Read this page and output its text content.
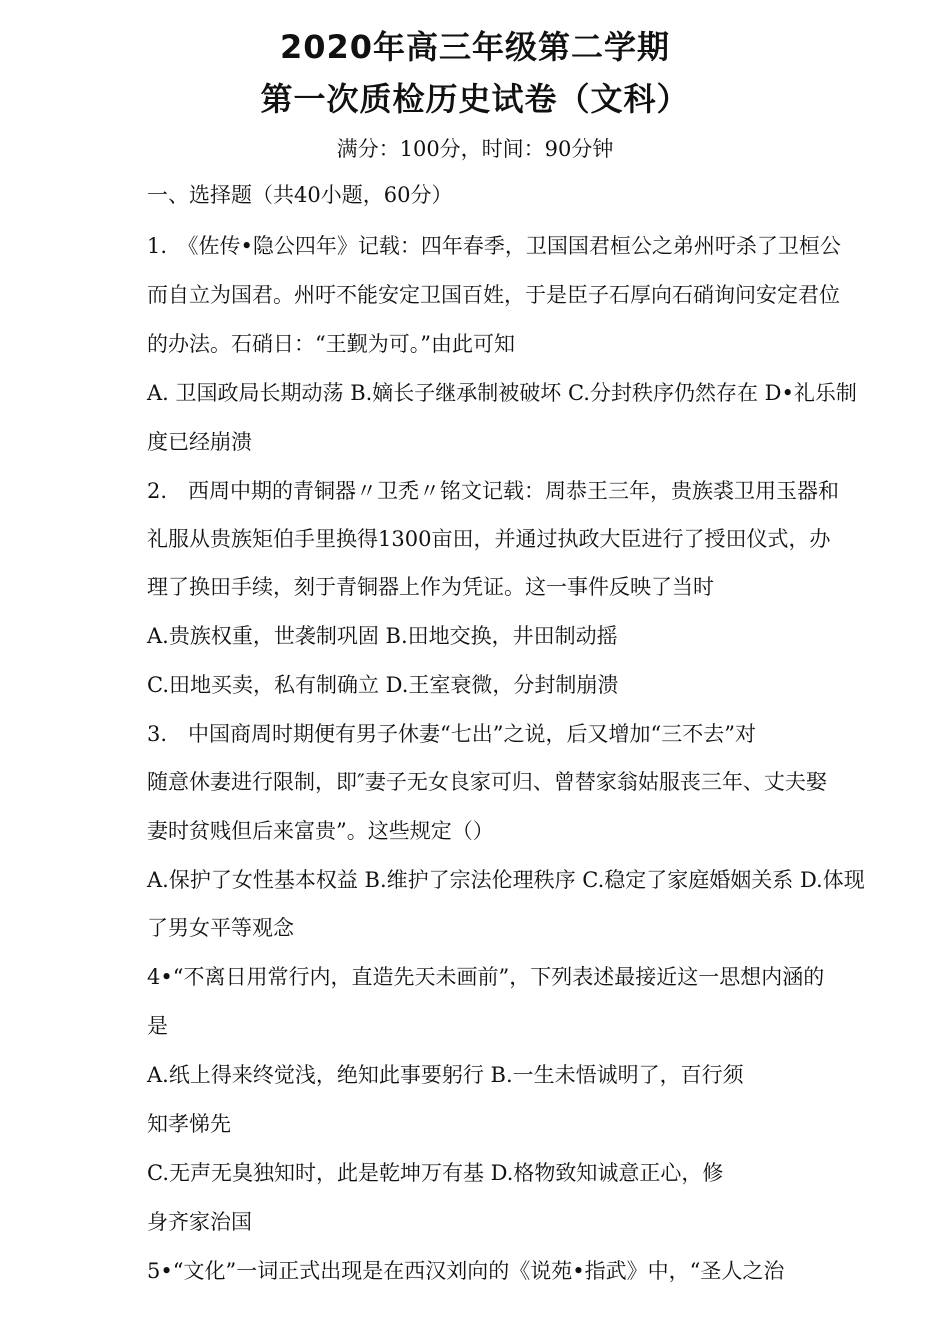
2020年高三年级第二学期
第一次质检历史试卷（文科）
满分：100分，时间：90分钟
一、选择题（共40小题，60分）
1.　《佐传•隐公四年》记载：四年春季，卫国国君桓公之弟州吁杀了卫桓公
而自立为国君。州吁不能安定卫国百姓，于是臣子石厚向石硝询问安定君位
的办法。石硝日：“王觐为可。”由此可知
A. 卫国政局长期动荡 B.嫡长子继承制被破坏 C.分封秩序仍然存在 D•礼乐制
度已经崩溃
2.　西周中期的青铜器〃卫禿〃铭文记载：周恭王三年，贵族裘卫用玉器和
礼服从贵族矩伯手里换得1300亩田，并通过执政大臣进行了授田仪式，办
理了换田手续，刻于青铜器上作为凭证。这一事件反映了当时
A.贵族权重，世袭制巩固 B.田地交换，井田制动摇
C.田地买卖，私有制确立 D.王室衰微，分封制崩溃
3.　中国商周时期便有男子休妻“七出”之说，后又增加“三不去”对
随意休妻进行限制，即″妻子无女良家可归、曾替家翁姑服丧三年、丈夫娶
妻时贫贱但后来富贵”。这些规定（）
A.保护了女性基本权益 B.维护了宗法伦理秩序 C.稳定了家庭婚姻关系 D.体现
了男女平等观念
4•“不离日用常行内，直造先天未画前”，下列表述最接近这一思想内涵的
是
A.纸上得来终觉浅，绝知此事要躬行 B.一生未悟诚明了，百行须
知孝悌先
C.无声无臭独知时，此是乾坤万有基 D.格物致知诚意正心，修
身齐家治国
5•“文化”一词正式出现是在西汉刘向的《说苑•指武》中，“圣人之治
